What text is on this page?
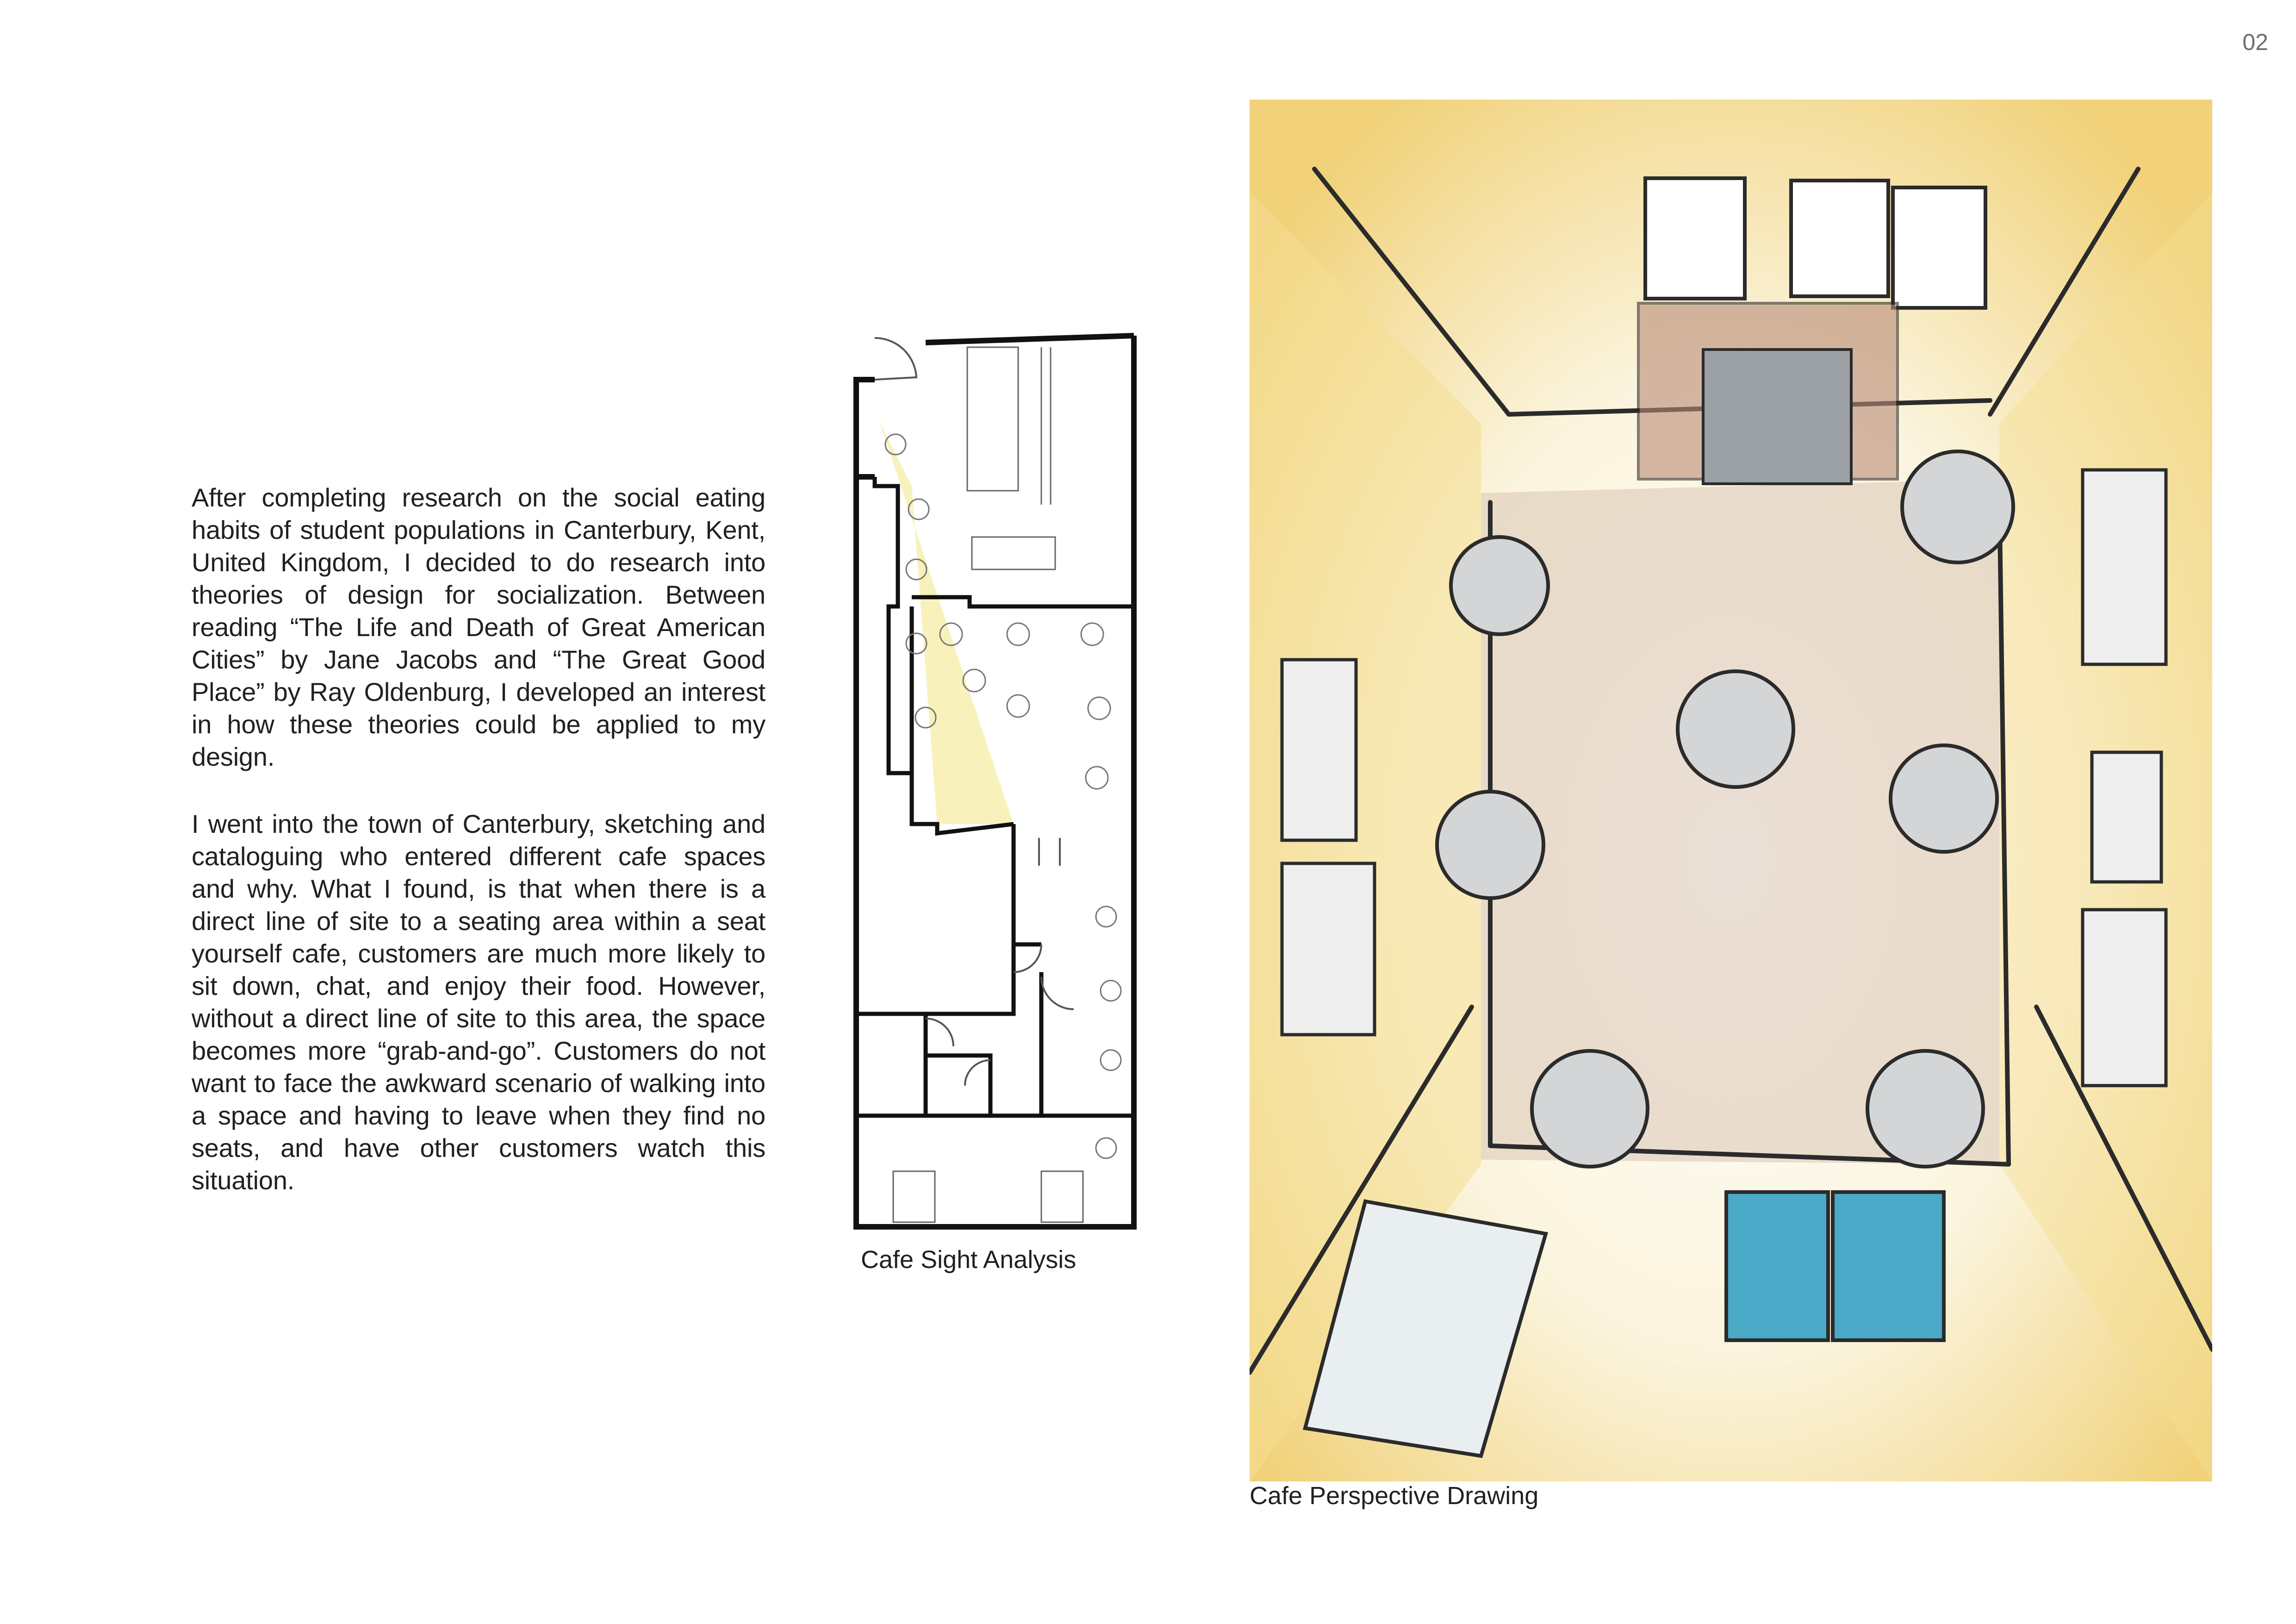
02

After completing research on the social eating habits of student populations in Canterbury, Kent, United Kingdom, I decided to do research into theories of design for socialization. Between reading “The Life and Death of Great American Cities” by Jane Jacobs and “The Great Good Place” by Ray Oldenburg, I developed an interest in how these theories could be applied to my design.

I went into the town of Canterbury, sketching and cataloguing who entered different cafe spaces and why. What I found, is that when there is a direct line of site to a seating area within a seat yourself cafe, customers are much more likely to sit down, chat, and enjoy their food. However, without a direct line of site to this area, the space becomes more “grab-and-go”. Customers do not want to face the awkward scenario of walking into a space and having to leave when they find no seats, and have other customers watch this situation.

Cafe Sight Analysis
Cafe Perspective Drawing
